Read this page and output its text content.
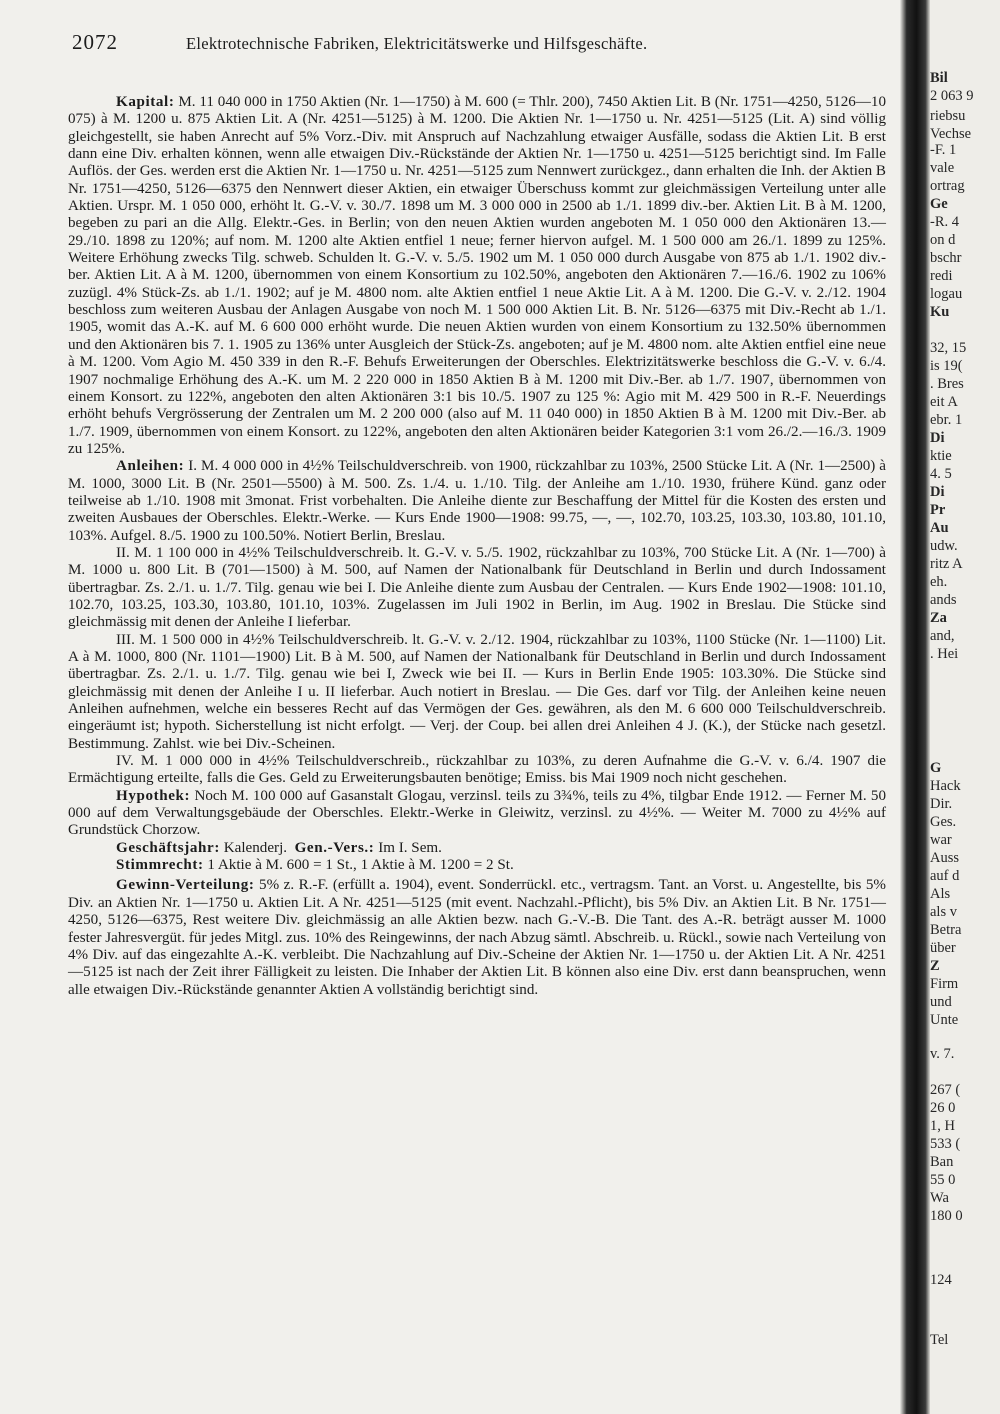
2072	Elektrotechnische Fabriken, Elektricitätswerke und Hilfsgeschäfte.

Kapital: M. 11 040 000 in 1750 Aktien (Nr. 1—1750) à M. 600 (= Thlr. 200), 7450 Aktien Lit. B (Nr. 1751—4250, 5126—10 075) à M. 1200 u. 875 Aktien Lit. A (Nr. 4251—5125) à M. 1200. Die Aktien Nr. 1—1750 u. Nr. 4251—5125 (Lit. A) sind völlig gleichgestellt, sie haben Anrecht auf 5% Vorz.-Div. mit Anspruch auf Nachzahlung etwaiger Ausfälle, sodass die Aktien Lit. B erst dann eine Div. erhalten können, wenn alle etwaigen Div.-Rückstände der Aktien Nr. 1—1750 u. 4251—5125 berichtigt sind. Im Falle Auflös. der Ges. werden erst die Aktien Nr. 1—1750 u. Nr. 4251—5125 zum Nennwert zurückgez., dann erhalten die Inh. der Aktien B Nr. 1751—4250, 5126—6375 den Nennwert dieser Aktien, ein etwaiger Überschuss kommt zur gleichmässigen Verteilung unter alle Aktien. Urspr. M. 1 050 000, erhöht lt. G.-V. v. 30./7. 1898 um M. 3 000 000 in 2500 ab 1./1. 1899 div.-ber. Aktien Lit. B à M. 1200, begeben zu pari an die Allg. Elektr.-Ges. in Berlin; von den neuen Aktien wurden angeboten M. 1 050 000 den Aktionären 13.—29./10. 1898 zu 120%; auf nom. M. 1200 alte Aktien entfiel 1 neue; ferner hiervon aufgel. M. 1 500 000 am 26./1. 1899 zu 125%. Weitere Erhöhung zwecks Tilg. schweb. Schulden lt. G.-V. v. 5./5. 1902 um M. 1 050 000 durch Ausgabe von 875 ab 1./1. 1902 div.-ber. Aktien Lit. A à M. 1200, übernommen von einem Konsortium zu 102.50%, angeboten den Aktionären 7.—16./6. 1902 zu 106% zuzügl. 4% Stück-Zs. ab 1./1. 1902; auf je M. 4800 nom. alte Aktien entfiel 1 neue Aktie Lit. A à M. 1200. Die G.-V. v. 2./12. 1904 beschloss zum weiteren Ausbau der Anlagen Ausgabe von noch M. 1 500 000 Aktien Lit. B. Nr. 5126—6375 mit Div.-Recht ab 1./1. 1905, womit das A.-K. auf M. 6 600 000 erhöht wurde. Die neuen Aktien wurden von einem Konsortium zu 132.50% übernommen und den Aktionären bis 7. 1. 1905 zu 136% unter Ausgleich der Stück-Zs. angeboten; auf je M. 4800 nom. alte Aktien entfiel eine neue à M. 1200. Vom Agio M. 450 339 in den R.-F. Behufs Erweiterungen der Oberschles. Elektrizitätswerke beschloss die G.-V. v. 6./4. 1907 nochmalige Erhöhung des A.-K. um M. 2 220 000 in 1850 Aktien B à M. 1200 mit Div.-Ber. ab 1./7. 1907, übernommen von einem Konsort. zu 122%, angeboten den alten Aktionären 3:1 bis 10./5. 1907 zu 125 %: Agio mit M. 429 500 in R.-F. Neuerdings erhöht behufs Vergrösserung der Zentralen um M. 2 200 000 (also auf M. 11 040 000) in 1850 Aktien B à M. 1200 mit Div.-Ber. ab 1./7. 1909, übernommen von einem Konsort. zu 122%, angeboten den alten Aktionären beider Kategorien 3:1 vom 26./2.—16./3. 1909 zu 125%.

Anleihen: I. M. 4 000 000 in 4½% Teilschuldverschreib. von 1900, rückzahlbar zu 103%, 2500 Stücke Lit. A (Nr. 1—2500) à M. 1000, 3000 Lit. B (Nr. 2501—5500) à M. 500. Zs. 1./4. u. 1./10. Tilg. der Anleihe am 1./10. 1930, frühere Künd. ganz oder teilweise ab 1./10. 1908 mit 3monat. Frist vorbehalten. Die Anleihe diente zur Beschaffung der Mittel für die Kosten des ersten und zweiten Ausbaues der Oberschles. Elektr.-Werke. — Kurs Ende 1900—1908: 99.75, —, —, 102.70, 103.25, 103.30, 103.80, 101.10, 103%. Aufgel. 8./5. 1900 zu 100.50%. Notiert Berlin, Breslau.

II. M. 1 100 000 in 4½% Teilschuldverschreib. lt. G.-V. v. 5./5. 1902, rückzahlbar zu 103%, 700 Stücke Lit. A (Nr. 1—700) à M. 1000 u. 800 Lit. B (701—1500) à M. 500, auf Namen der Nationalbank für Deutschland in Berlin und durch Indossament übertragbar. Zs. 2./1. u. 1./7. Tilg. genau wie bei I. Die Anleihe diente zum Ausbau der Centralen. — Kurs Ende 1902—1908: 101.10, 102.70, 103.25, 103.30, 103.80, 101.10, 103%. Zugelassen im Juli 1902 in Berlin, im Aug. 1902 in Breslau. Die Stücke sind gleichmässig mit denen der Anleihe I lieferbar.

III. M. 1 500 000 in 4½% Teilschuldverschreib. lt. G.-V. v. 2./12. 1904, rückzahlbar zu 103%, 1100 Stücke (Nr. 1—1100) Lit. A à M. 1000, 800 (Nr. 1101—1900) Lit. B à M. 500, auf Namen der Nationalbank für Deutschland in Berlin und durch Indossament übertragbar. Zs. 2./1. u. 1./7. Tilg. genau wie bei I, Zweck wie bei II. — Kurs in Berlin Ende 1905: 103.30%. Die Stücke sind gleichmässig mit denen der Anleihe I u. II lieferbar. Auch notiert in Breslau. — Die Ges. darf vor Tilg. der Anleihen keine neuen Anleihen aufnehmen, welche ein besseres Recht auf das Vermögen der Ges. gewähren, als den M. 6 600 000 Teilschuldverschreib. eingeräumt ist; hypoth. Sicherstellung ist nicht erfolgt. — Verj. der Coup. bei allen drei Anleihen 4 J. (K.), der Stücke nach gesetzl. Bestimmung. Zahlst. wie bei Div.-Scheinen.

IV. M. 1 000 000 in 4½% Teilschuldverschreib., rückzahlbar zu 103%, zu deren Aufnahme die G.-V. v. 6./4. 1907 die Ermächtigung erteilte, falls die Ges. Geld zu Erweiterungsbauten benötige; Emiss. bis Mai 1909 noch nicht geschehen.

Hypothek: Noch M. 100 000 auf Gasanstalt Glogau, verzinsl. teils zu 3¾%, teils zu 4%, tilgbar Ende 1912. — Ferner M. 50 000 auf dem Verwaltungsgebäude der Oberschles. Elektr.-Werke in Gleiwitz, verzinsl. zu 4½%. — Weiter M. 7000 zu 4½% auf Grundstück Chorzow.

Geschäftsjahr: Kalenderj. Gen.-Vers.: Im I. Sem.

Stimmrecht: 1 Aktie à M. 600 = 1 St., 1 Aktie à M. 1200 = 2 St.

Gewinn-Verteilung: 5% z. R.-F. (erfüllt a. 1904), event. Sonderrückl. etc., vertragsm. Tant. an Vorst. u. Angestellte, bis 5% Div. an Aktien Nr. 1—1750 u. Aktien Lit. A Nr. 4251—5125 (mit event. Nachzahl.-Pflicht), bis 5% Div. an Aktien Lit. B Nr. 1751—4250, 5126—6375, Rest weitere Div. gleichmässig an alle Aktien bezw. nach G.-V.-B. Die Tant. des A.-R. beträgt ausser M. 1000 fester Jahresvergüt. für jedes Mitgl. zus. 10% des Reingewinns, der nach Abzug sämtl. Abschreib. u. Rückl., sowie nach Verteilung von 4% Div. auf das eingezahlte A.-K. verbleibt. Die Nachzahlung auf Div.-Scheine der Aktien Nr. 1—1750 u. der Aktien Lit. A Nr. 4251—5125 ist nach der Zeit ihrer Fälligkeit zu leisten. Die Inhaber der Aktien Lit. B können also eine Div. erst dann beanspruchen, wenn alle etwaigen Div.-Rückstände genannter Aktien A vollständig berichtigt sind.

Bil
2 063 9
riebsu
Vechse
-F. 1
vale
ortrag
Ge
-R. 4
on d
bschr
redi
logau
Ku
32, 15
is 19(
. Bres
eit A
ebr. 1
Di
ktie
4. 5
Di
Pr
Au
udw.
ritz A
eh.
ands
Za
and,
. Hei
G
Hack
Dir.
Ges.
war
Auss
auf d
Als
als v
Betra
über
Z
Firm
und
Unte
v. 7.
267 (
26 0
1, H
533 (
Ban
55 0
Wa
180 0
124
Tel
